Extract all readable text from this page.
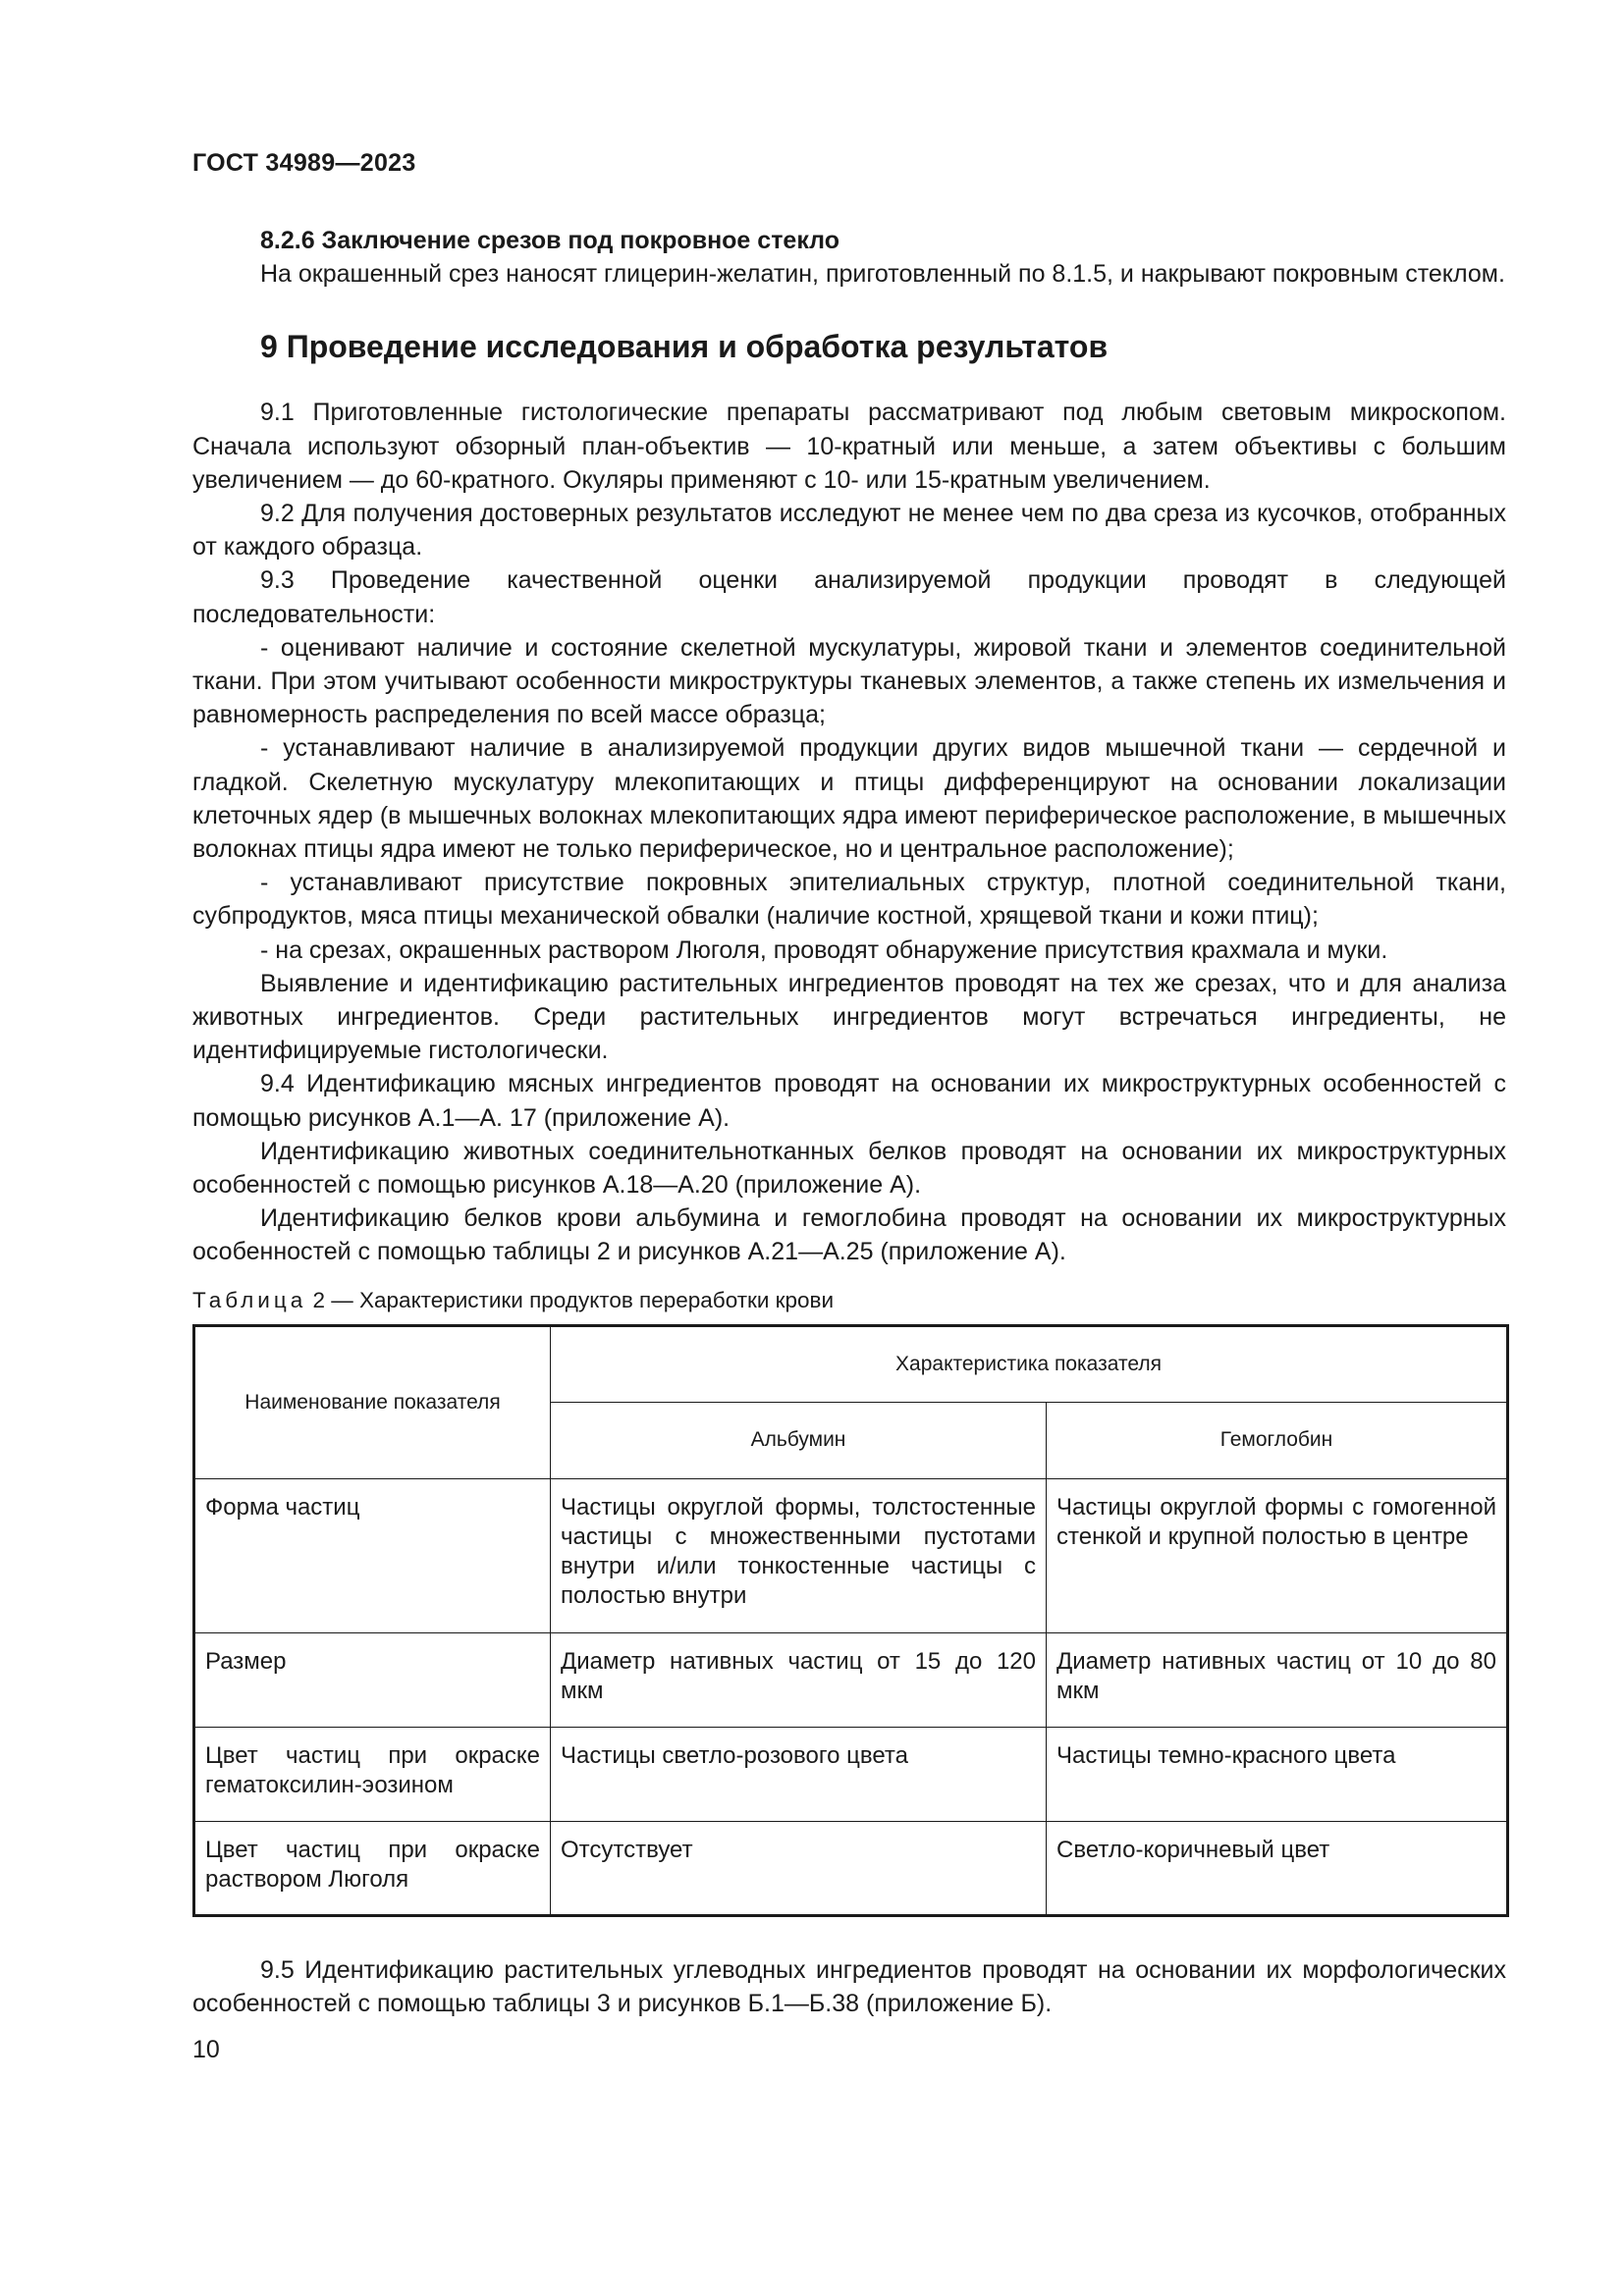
ГОСТ 34989—2023

8.2.6 Заключение срезов под покровное стекло

На окрашенный срез наносят глицерин-желатин, приготовленный по 8.1.5, и накрывают покровным стеклом.

9 Проведение исследования и обработка результатов

9.1 Приготовленные гистологические препараты рассматривают под любым световым микроскопом. Сначала используют обзорный план-объектив — 10-кратный или меньше, а затем объективы с большим увеличением — до 60-кратного. Окуляры применяют с 10- или 15-кратным увеличением.

9.2 Для получения достоверных результатов исследуют не менее чем по два среза из кусочков, отобранных от каждого образца.

9.3 Проведение качественной оценки анализируемой продукции проводят в следующей последовательности:

- оценивают наличие и состояние скелетной мускулатуры, жировой ткани и элементов соединительной ткани. При этом учитывают особенности микроструктуры тканевых элементов, а также степень их измельчения и равномерность распределения по всей массе образца;

- устанавливают наличие в анализируемой продукции других видов мышечной ткани — сердечной и гладкой. Скелетную мускулатуру млекопитающих и птицы дифференцируют на основании локализации клеточных ядер (в мышечных волокнах млекопитающих ядра имеют периферическое расположение, в мышечных волокнах птицы ядра имеют не только периферическое, но и центральное расположение);

- устанавливают присутствие покровных эпителиальных структур, плотной соединительной ткани, субпродуктов, мяса птицы механической обвалки (наличие костной, хрящевой ткани и кожи птиц);

- на срезах, окрашенных раствором Люголя, проводят обнаружение присутствия крахмала и муки.

Выявление и идентификацию растительных ингредиентов проводят на тех же срезах, что и для анализа животных ингредиентов. Среди растительных ингредиентов могут встречаться ингредиенты, не идентифицируемые гистологически.

9.4 Идентификацию мясных ингредиентов проводят на основании их микроструктурных особенностей с помощью рисунков А.1—А. 17 (приложение А).

Идентификацию животных соединительнотканных белков проводят на основании их микроструктурных особенностей с помощью рисунков А.18—А.20 (приложение А).

Идентификацию белков крови альбумина и гемоглобина проводят на основании их микроструктурных особенностей с помощью таблицы 2 и рисунков А.21—А.25 (приложение А).

Таблица 2 — Характеристики продуктов переработки крови
Наименование показателя	Характеристика показателя	
	Альбумин	Гемоглобин
Форма частиц	Частицы округлой формы, толстостенные частицы с множественными пустотами внутри и/или тонкостенные частицы с полостью внутри	Частицы округлой формы с гомогенной стенкой и крупной полостью в центре
Размер	Диаметр нативных частиц от 15 до 120 мкм	Диаметр нативных частиц от 10 до 80 мкм
Цвет частиц при окраске гематоксилин-эозином	Частицы светло-розового цвета	Частицы темно-красного цвета
Цвет частиц при окраске раствором Люголя	Отсутствует	Светло-коричневый цвет

9.5 Идентификацию растительных углеводных ингредиентов проводят на основании их морфологических особенностей с помощью таблицы 3 и рисунков Б.1—Б.38 (приложение Б).

10
